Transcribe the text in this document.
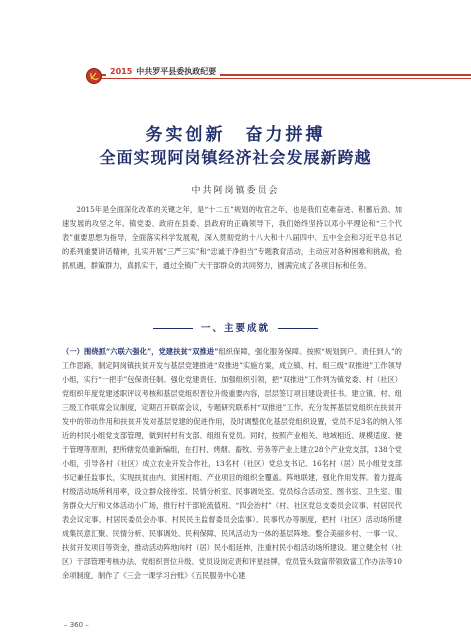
2015 中共罗平县委执政纪要
务实创新　奋力拼搏
全面实现阿岗镇经济社会发展新跨越
中共阿岗镇委员会

2015年是全面深化改革的关键之年，是“十二五”规划的收官之年，也是我们克难奋进、积蓄后劲、加速发展的攻坚之年。镇党委、政府在县委、县政府的正确领导下，我们始终坚持以邓小平理论和“三个代表”重要思想为指导，全面落实科学发展观，深入贯彻党的十八大和十八届四中、五中全会和习近平总书记的系列重要讲话精神，扎实开展“三严三实”和“忠诚干净担当”专题教育活动，主动应对各种困难和挑战，抢抓机遇，群策群力，真抓实干，通过全镇广大干部群众的共同努力，圆满完成了各项目标和任务。

一、主要成就

（一）围绕抓“六联六强化”，党建扶贫“双推进”组织保障，强化服务保障。按照“规划到户、责任到人”的工作思路，制定阿岗镇扶贫开发与基层党建推进“双推进”实施方案，成立镇、村、组三级“双推进”工作领导小组，实行“一把手”包保责任制。强化党建责任、加强组织引领，把“双推进”工作列为镇党委、村（社区）党组织年度党建述职评议考核和基层党组织晋位升级重要内容，层层签订项目建设责任书。建立镇、村、组三级工作联席会议制度，定期召开联席会议，专题研究联系村“双推进”工作。充分发挥基层党组织在扶贫开发中的带动作用和扶贫开发对基层党建的促进作用，及时调整优化基层党组织设置，党员不足3名的纳入邻近的村民小组党支部管理，做到村村有支部、组组有党员。同时，按照产业相关、地域相近、规模适度、便于管理等原则，把所辖党员重新编组，在打村、烤烟、畜牧、劳务等产业上建立28个产业党支部，138个党小组，引导各村（社区）成立农业开发合作社，13名村（社区）党总支书记、16名村（居）民小组党支部书记兼任监事长，实现扶贫由内、贫困村组、产业项目的组织全覆盖。阵地联建，强化作用发挥。着力提高村级活动场所利用率，设立群众接待室、民情分析室、民事调处室、党员综合活动室、图书室、卫生室、服务群众大厅和文体活动小广场，推行村干部轮流值班、“四会治村”（村、社区党总支委员会议事、村居民代表会议定事、村居民委员会办事、村民民主监督委员会监事）、民事代办等制度，把村（社区）活动场所建成集民意汇聚、民情分析、民事调处、民利保障、民风活动为一体的基层阵地。整合美丽乡村、一事一议、扶贫开发项目等资金，推动活动阵地向村（居）民小组延伸，注重村民小组活动场所建设。建立健全村（社区）干部管理考核办法、党组织晋位升级、党员设岗定责和评星挂牌，党员管头致富带领致富工作办法等10余项制度，制作了《三会一课学习台账》《五民服务中心建

– 360 –
